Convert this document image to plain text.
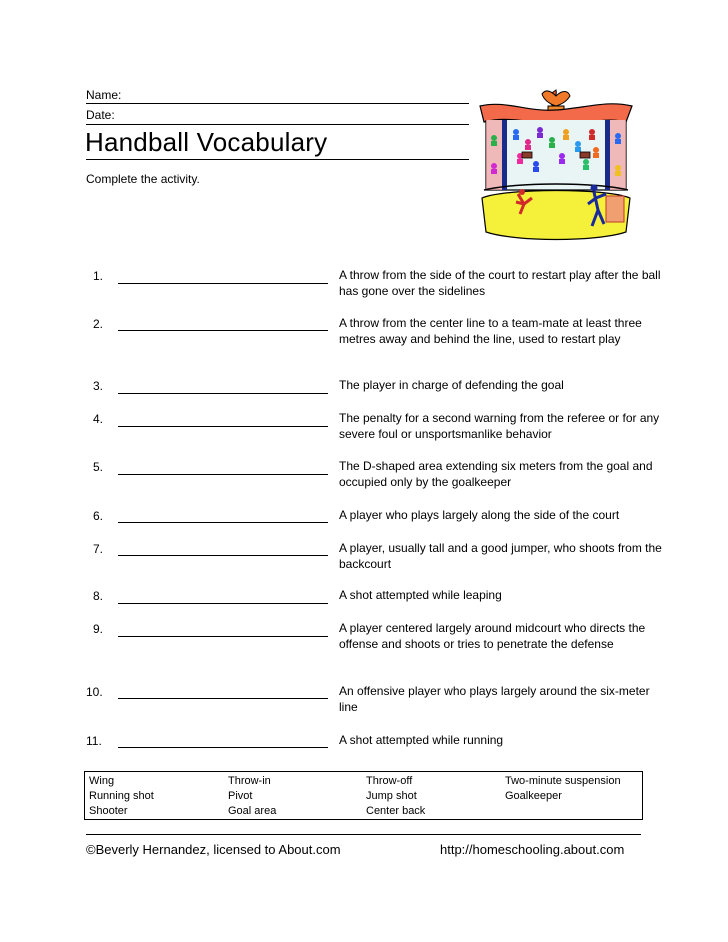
Name:
Date:
Handball Vocabulary
Complete the activity.
1.	A throw from the side of the court to restart play after the ball has gone over the sidelines
2.	A throw from the center line to a team-mate at least three metres away and behind the line, used to restart play
3.	The player in charge of defending the goal
4.	The penalty for a second warning from the referee or for any severe foul or unsportsmanlike behavior
5.	The D-shaped area extending six meters from the goal and occupied only by the goalkeeper
6.	A player who plays largely along the side of the court
7.	A player, usually tall and a good jumper, who shoots from the backcourt
8.	A shot attempted while leaping
9.	A player centered largely around midcourt who directs the offense and shoots or tries to penetrate the defense
10.	An offensive player who plays largely around the six-meter line
11.	A shot attempted while running
Wing	Throw-in	Throw-off	Two-minute suspension
Running shot	Pivot	Jump shot	Goalkeeper
Shooter	Goal area	Center back
©Beverly Hernandez, licensed to About.com	http://homeschooling.about.com
